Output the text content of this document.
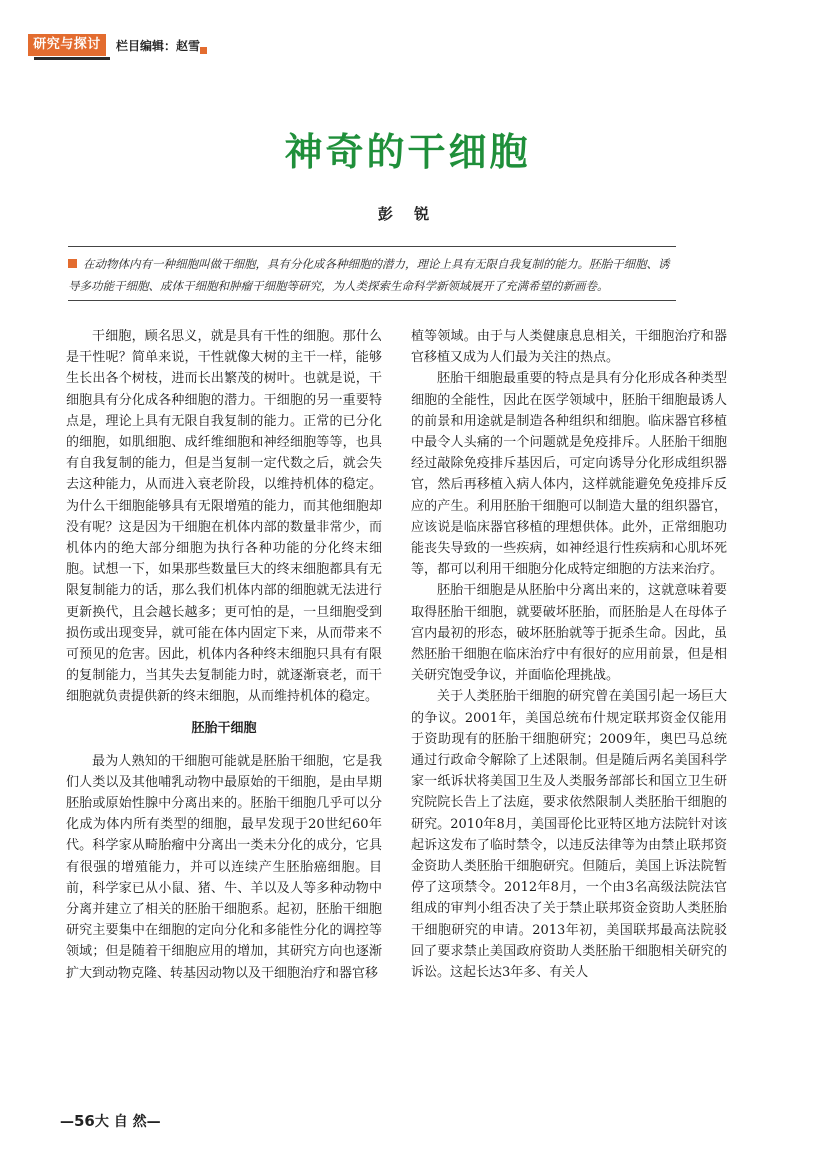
研究与探讨	栏目编辑：赵雪
神奇的干细胞
彭 锐
在动物体内有一种细胞叫做干细胞，具有分化成各种细胞的潜力，理论上具有无限自我复制的能力。胚胎干细胞、诱导多功能干细胞、成体干细胞和肿瘤干细胞等研究，为人类探索生命科学新领域展开了充满希望的新画卷。

干细胞，顾名思义，就是具有干性的细胞。那什么是干性呢？简单来说，干性就像大树的主干一样，能够生长出各个树枝，进而长出繁茂的树叶。也就是说，干细胞具有分化成各种细胞的潜力。干细胞的另一重要特点是，理论上具有无限自我复制的能力。正常的已分化的细胞，如肌细胞、成纤维细胞和神经细胞等等，也具有自我复制的能力，但是当复制一定代数之后，就会失去这种能力，从而进入衰老阶段，以维持机体的稳定。为什么干细胞能够具有无限增殖的能力，而其他细胞却没有呢？这是因为干细胞在机体内部的数量非常少，而机体内的绝大部分细胞为执行各种功能的分化终末细胞。试想一下，如果那些数量巨大的终末细胞都具有无限复制能力的话，那么我们机体内部的细胞就无法进行更新换代，且会越长越多；更可怕的是，一旦细胞受到损伤或出现变异，就可能在体内固定下来，从而带来不可预见的危害。因此，机体内各种终末细胞只具有有限的复制能力，当其失去复制能力时，就逐渐衰老，而干细胞就负责提供新的终末细胞，从而维持机体的稳定。

胚胎干细胞

最为人熟知的干细胞可能就是胚胎干细胞，它是我们人类以及其他哺乳动物中最原始的干细胞，是由早期胚胎或原始性腺中分离出来的。胚胎干细胞几乎可以分化成为体内所有类型的细胞，最早发现于20世纪60年代。科学家从畸胎瘤中分离出一类未分化的成分，它具有很强的增殖能力，并可以连续产生胚胎癌细胞。目前，科学家已从小鼠、猪、牛、羊以及人等多种动物中分离并建立了相关的胚胎干细胞系。起初，胚胎干细胞研究主要集中在细胞的定向分化和多能性分化的调控等领域；但是随着干细胞应用的增加，其研究方向也逐渐扩大到动物克隆、转基因动物以及干细胞治疗和器官移

植等领域。由于与人类健康息息相关，干细胞治疗和器官移植又成为人们最为关注的热点。

胚胎干细胞最重要的特点是具有分化形成各种类型细胞的全能性，因此在医学领域中，胚胎干细胞最诱人的前景和用途就是制造各种组织和细胞。临床器官移植中最令人头痛的一个问题就是免疫排斥。人胚胎干细胞经过敲除免疫排斥基因后，可定向诱导分化形成组织器官，然后再移植入病人体内，这样就能避免免疫排斥反应的产生。利用胚胎干细胞可以制造大量的组织器官，应该说是临床器官移植的理想供体。此外，正常细胞功能丧失导致的一些疾病，如神经退行性疾病和心肌坏死等，都可以利用干细胞分化成特定细胞的方法来治疗。

胚胎干细胞是从胚胎中分离出来的，这就意味着要取得胚胎干细胞，就要破坏胚胎，而胚胎是人在母体子宫内最初的形态，破坏胚胎就等于扼杀生命。因此，虽然胚胎干细胞在临床治疗中有很好的应用前景，但是相关研究饱受争议，并面临伦理挑战。

关于人类胚胎干细胞的研究曾在美国引起一场巨大的争议。2001年，美国总统布什规定联邦资金仅能用于资助现有的胚胎干细胞研究；2009年，奥巴马总统通过行政命令解除了上述限制。但是随后两名美国科学家一纸诉状将美国卫生及人类服务部部长和国立卫生研究院院长告上了法庭，要求依然限制人类胚胎干细胞的研究。2010年8月，美国哥伦比亚特区地方法院针对该起诉这发布了临时禁令，以违反法律等为由禁止联邦资金资助人类胚胎干细胞研究。但随后，美国上诉法院暂停了这项禁令。2012年8月，一个由3名高级法院法官组成的审判小组否决了关于禁止联邦资金资助人类胚胎干细胞研究的申请。2013年初，美国联邦最高法院驳回了要求禁止美国政府资助人类胚胎干细胞相关研究的诉讼。这起长达3年多、有关人

—56大 自 然—
